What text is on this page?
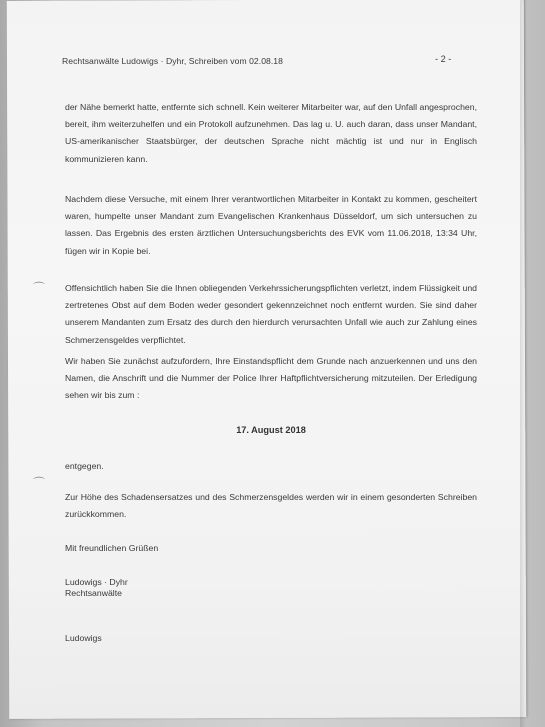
Rechtsanwälte Ludowigs · Dyhr, Schreiben vom 02.08.18	- 2 -
der Nähe bemerkt hatte, entfernte sich schnell. Kein weiterer Mitarbeiter war, auf den Unfall angesprochen, bereit, ihm weiterzuhelfen und ein Protokoll aufzunehmen. Das lag u. U. auch daran, dass unser Mandant, US-amerikanischer Staatsbürger, der deutschen Sprache nicht mächtig ist und nur in Englisch kommunizieren kann.
Nachdem diese Versuche, mit einem Ihrer verantwortlichen Mitarbeiter in Kontakt zu kommen, gescheitert waren, humpelte unser Mandant zum Evangelischen Krankenhaus Düsseldorf, um sich untersuchen zu lassen. Das Ergebnis des ersten ärztlichen Untersuchungsberichts des EVK vom 11.06.2018, 13:34 Uhr, fügen wir in Kopie bei.
Offensichtlich haben Sie die Ihnen obliegenden Verkehrssicherungspflichten verletzt, indem Flüssigkeit und zertretenes Obst auf dem Boden weder gesondert gekennzeichnet noch entfernt wurden. Sie sind daher unserem Mandanten zum Ersatz des durch den hierdurch verursachten Unfall wie auch zur Zahlung eines Schmerzensgeldes verpflichtet.
Wir haben Sie zunächst aufzufordern, Ihre Einstandspflicht dem Grunde nach anzuerkennen und uns den Namen, die Anschrift und die Nummer der Police Ihrer Haftpflichtversicherung mitzuteilen. Der Erledigung sehen wir bis zum :
17. August 2018
entgegen.
Zur Höhe des Schadensersatzes und des Schmerzensgeldes werden wir in einem gesonderten Schreiben zurückkommen.
Mit freundlichen Grüßen
Ludowigs · Dyhr
Rechtsanwälte
Ludowigs
⌒
⌒
